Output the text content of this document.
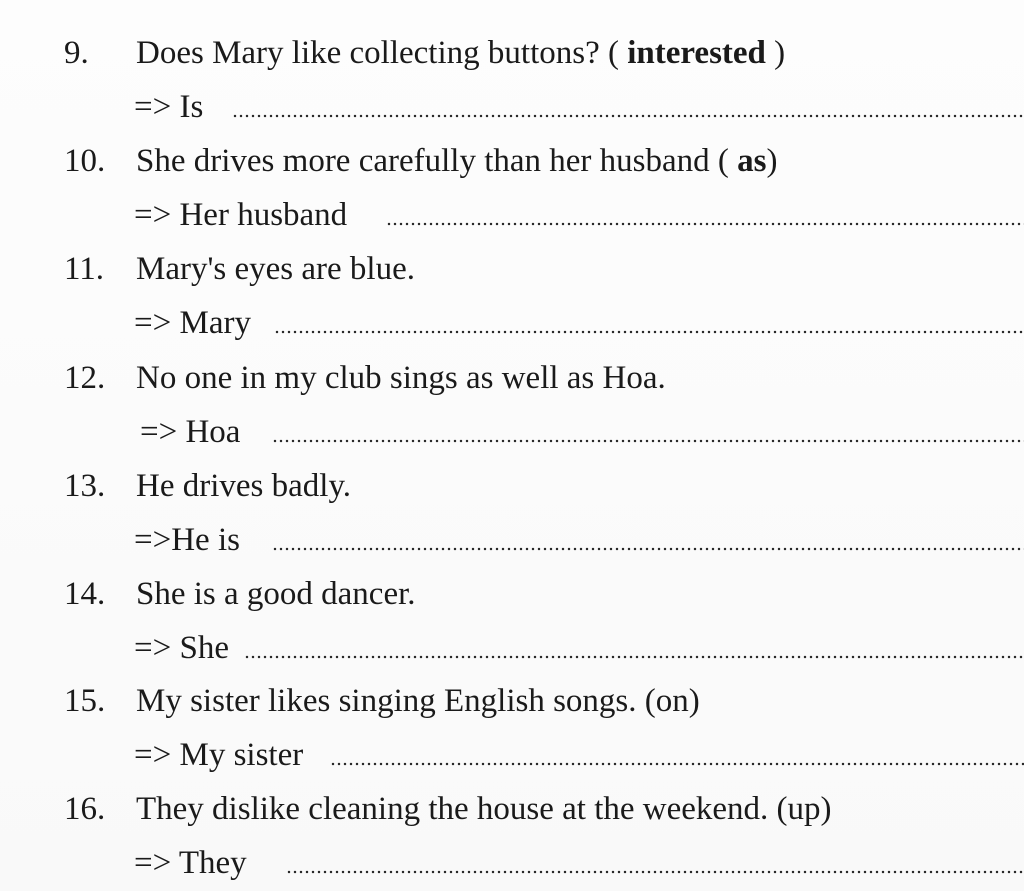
9. Does Mary like collecting buttons? ( interested )
=> Is
10. She drives more carefully than her husband ( as)
=> Her husband
11. Mary's eyes are blue.
=> Mary
12. No one in my club sings as well as Hoa.
=> Hoa
13. He drives badly.
=>He is
14. She is a good dancer.
=> She
15. My sister likes singing English songs. (on)
=> My sister
16. They dislike cleaning the house at the weekend. (up)
=> They
